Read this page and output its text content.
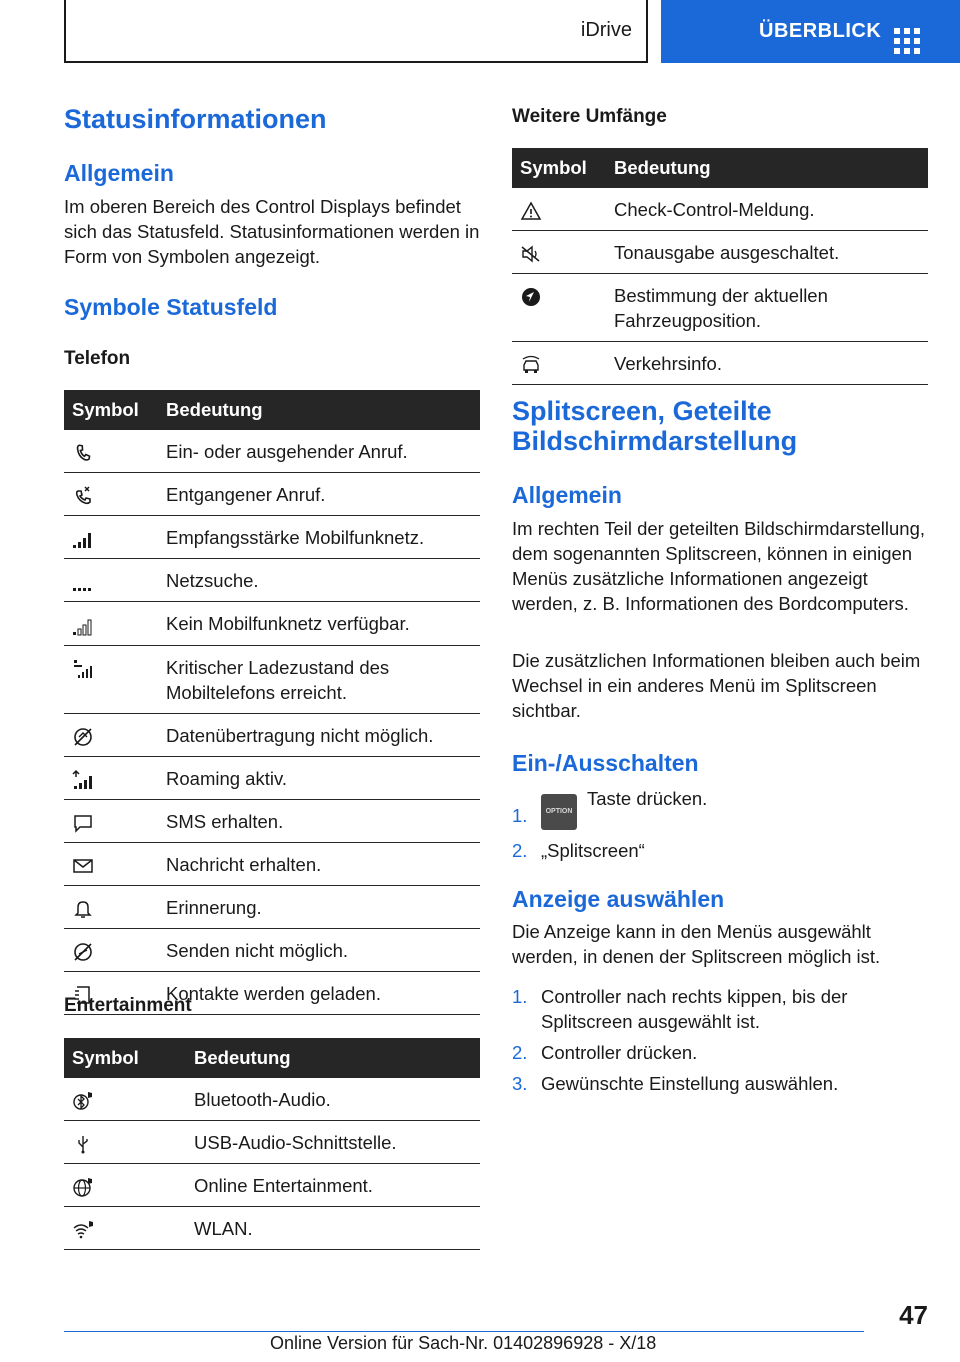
iDrive	ÜBERBLICK
Statusinformationen
Allgemein

Im oberen Bereich des Control Displays befindet sich das Statusfeld. Statusinformationen werden in Form von Symbolen angezeigt.

Symbole Statusfeld
Telefon
Symbol	Bedeutung

	Ein- oder ausgehender Anruf.

	Entgangener Anruf.

	Empfangsstärke Mobilfunknetz.

	Netzsuche.

	Kein Mobilfunknetz verfügbar.

	Kritischer Ladezustand des Mobiltelefons erreicht.

	Datenübertragung nicht möglich.

	Roaming aktiv.

	SMS erhalten.

	Nachricht erhalten.

	Erinnerung.

	Senden nicht möglich.

	Kontakte werden geladen.
Entertainment
Symbol	Bedeutung

	Bluetooth-Audio.

	USB-Audio-Schnittstelle.

	Online Entertainment.

	WLAN.
Weitere Umfänge
Symbol	Bedeutung

	Check-Control-Meldung.

	Tonausgabe ausgeschaltet.

	Bestimmung der aktuellen Fahrzeugposition.

	Verkehrsinfo.
Splitscreen, Geteilte Bildschirmdarstellung
Allgemein

Im rechten Teil der geteilten Bildschirmdarstellung, dem sogenannten Splitscreen, können in einigen Menüs zusätzliche Informationen angezeigt werden, z. B. Informationen des Bordcomputers.

Die zusätzlichen Informationen bleiben auch beim Wechsel in ein anderes Menü im Splitscreen sichtbar.

Ein-/Ausschalten
1.	OPTIONTaste drücken.
2. „Splitscreen“
Anzeige auswählen

Die Anzeige kann in den Menüs ausgewählt werden, in denen der Splitscreen möglich ist.

1. Controller nach rechts kippen, bis der Splitscreen ausgewählt ist.
2. Controller drücken.
3. Gewünschte Einstellung auswählen.
47
Online Version für Sach-Nr. 01402896928 - X/18
